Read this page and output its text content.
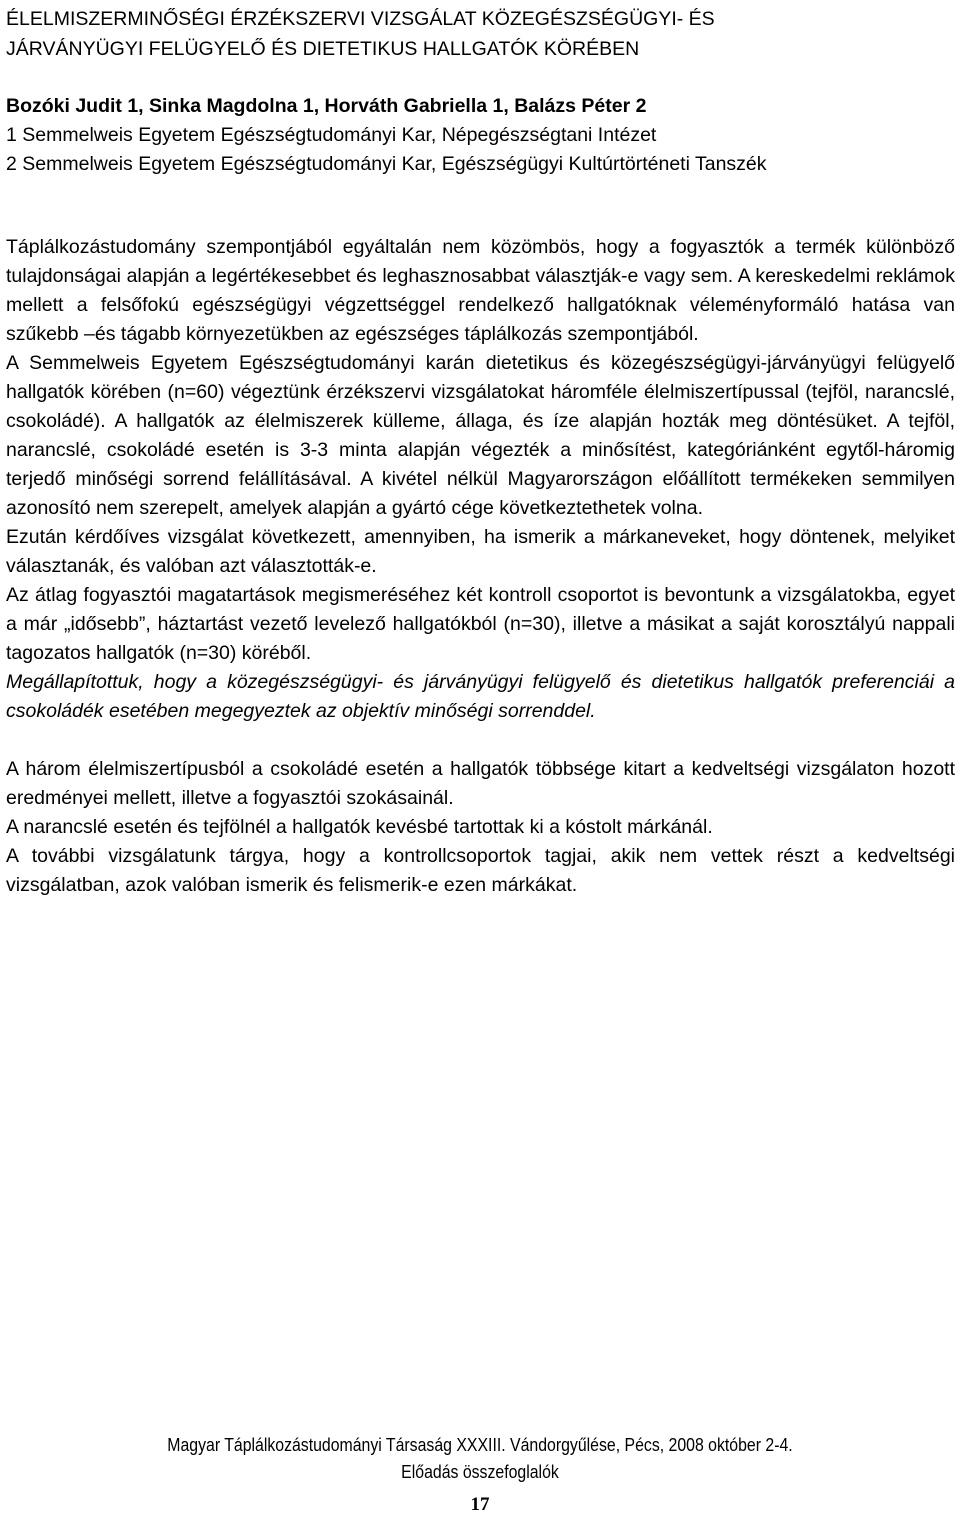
ÉLELMISZERMINŐSÉGI ÉRZÉKSZERVI VIZSGÁLAT KÖZEGÉSZSÉGÜGYI- ÉS
JÁRVÁNYÜGYI FELÜGYELŐ ÉS DIETETIKUS HALLGATÓK KÖRÉBEN
Bozóki Judit 1, Sinka Magdolna 1, Horváth Gabriella 1, Balázs Péter 2
1 Semmelweis Egyetem Egészségtudományi Kar, Népegészségtani Intézet
2 Semmelweis Egyetem Egészségtudományi Kar, Egészségügyi Kultúrtörténeti Tanszék

Táplálkozástudomány szempontjából egyáltalán nem közömbös, hogy a fogyasztók a termék különböző tulajdonságai alapján a legértékesebbet és leghasznosabbat választják-e vagy sem. A kereskedelmi reklámok mellett a felsőfokú egészségügyi végzettséggel rendelkező hallgatóknak véleményformáló hatása van szűkebb –és tágabb környezetükben az egészséges táplálkozás szempontjából.

A Semmelweis Egyetem Egészségtudományi karán dietetikus és közegészségügyi-járványügyi felügyelő hallgatók körében (n=60) végeztünk érzékszervi vizsgálatokat háromféle élelmiszertípussal (tejföl, narancslé, csokoládé). A hallgatók az élelmiszerek külleme, állaga, és íze alapján hozták meg döntésüket. A tejföl, narancslé, csokoládé esetén is 3-3 minta alapján végezték a minősítést, kategóriánként egytől-háromig terjedő minőségi sorrend felállításával. A kivétel nélkül Magyarországon előállított termékeken semmilyen azonosító nem szerepelt, amelyek alapján a gyártó cége következtethetek volna.

Ezután kérdőíves vizsgálat következett, amennyiben, ha ismerik a márkaneveket, hogy döntenek, melyiket választanák, és valóban azt választották-e.

Az átlag fogyasztói magatartások megismeréséhez két kontroll csoportot is bevontunk a vizsgálatokba, egyet a már „idősebb”, háztartást vezető levelező hallgatókból (n=30), illetve a másikat a saját korosztályú nappali tagozatos hallgatók (n=30) köréből.

Megállapítottuk, hogy a közegészségügyi- és járványügyi felügyelő és dietetikus hallgatók preferenciái a csokoládék esetében megegyeztek az objektív minőségi sorrenddel.

A három élelmiszertípusból a csokoládé esetén a hallgatók többsége kitart a kedveltségi vizsgálaton hozott eredményei mellett, illetve a fogyasztói szokásainál.

A narancslé esetén és tejfölnél a hallgatók kevésbé tartottak ki a kóstolt márkánál.

A további vizsgálatunk tárgya, hogy a kontrollcsoportok tagjai, akik nem vettek részt a kedveltségi vizsgálatban, azok valóban ismerik és felismerik-e ezen márkákat.

Magyar Táplálkozástudományi Társaság XXXIII. Vándorgyűlése, Pécs, 2008 október 2-4.
Előadás összefoglalók
17
